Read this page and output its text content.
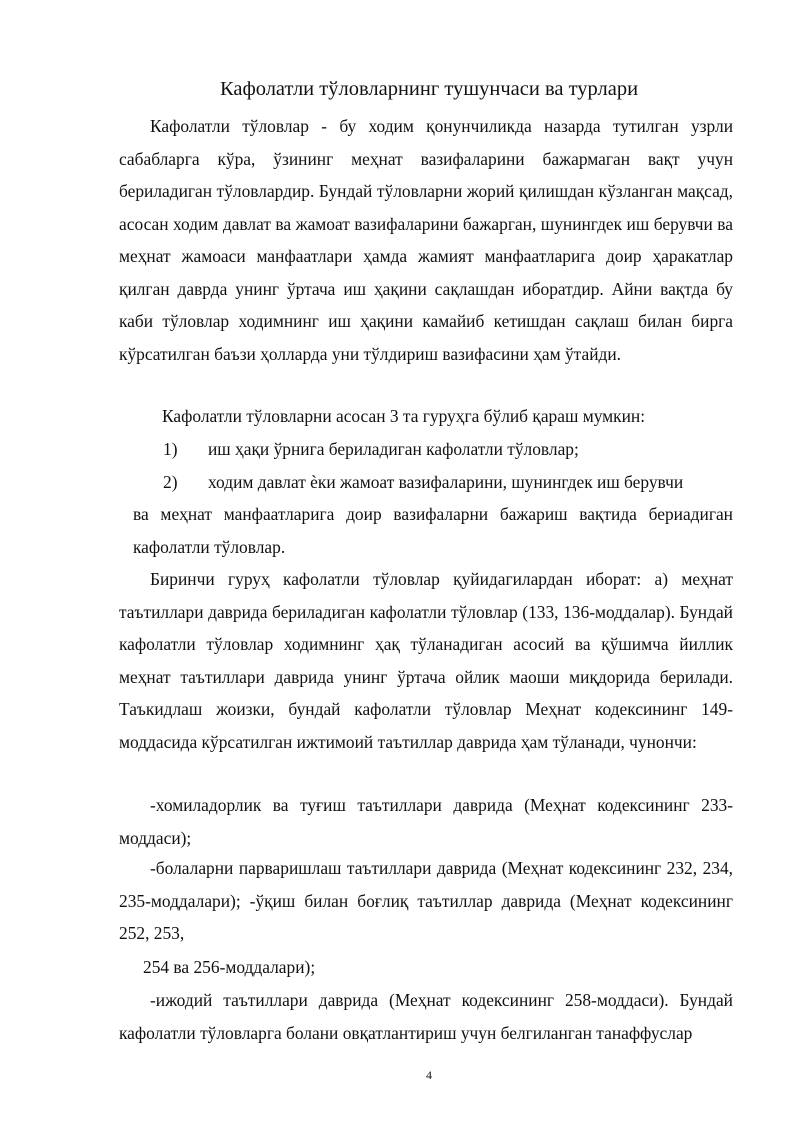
Кафолатли тўловларнинг тушунчаси ва турлари

Кафолатли тўловлар - бу ходим қонунчиликда назарда тутилган узрли сабабларга кўра, ўзининг меҳнат вазифаларини бажармаган вақт учун бериладиган тўловлардир. Бундай тўловларни жорий қилишдан кўзланган мақсад, асосан ходим давлат ва жамоат вазифаларини бажарган, шунингдек иш берувчи ва меҳнат жамоаси манфаатлари ҳамда жамият манфаатларига доир ҳаракатлар қилган даврда унинг ўртача иш ҳақини сақлашдан иборатдир. Айни вақтда бу каби тўловлар ходимнинг иш ҳақини камайиб кетишдан сақлаш билан бирга кўрсатилган баъзи ҳолларда уни тўлдириш вазифасини ҳам ўтайди.

Кафолатли тўловларни асосан 3 та гуруҳга бўлиб қараш мумкин:

1) иш ҳақи ўрнига бериладиган кафолатли тўловлар;

2) ходим давлат ѐки жамоат вазифаларини, шунингдек иш берувчи

ва меҳнат манфаатларига доир вазифаларни бажариш вақтида бериадиган кафолатли тўловлар.

Биринчи гуруҳ кафолатли тўловлар қуйидагилардан иборат: а) меҳнат таътиллари даврида бериладиган кафолатли тўловлар (133, 136-моддалар). Бундай кафолатли тўловлар ходимнинг ҳақ тўланадиган асосий ва қўшимча йиллик меҳнат таътиллари даврида унинг ўртача ойлик маоши миқдорида берилади. Таъкидлаш жоизки, бундай кафолатли тўловлар Меҳнат кодексининг 149-моддасида кўрсатилган ижтимоий таътиллар даврида ҳам тўланади, чунончи:

-хомиладорлик ва туғиш таътиллари даврида (Меҳнат кодексининг 233-моддаси);

-болаларни парваришлаш таътиллари даврида (Меҳнат кодексининг 232, 234, 235-моддалари); -ўқиш билан боғлиқ таътиллар даврида (Меҳнат кодексининг 252, 253,

254 ва 256-моддалари);

-ижодий таътиллари даврида (Меҳнат кодексининг 258-моддаси). Бундай кафолатли тўловларга болани овқатлантириш учун белгиланган танаффуслар

4
